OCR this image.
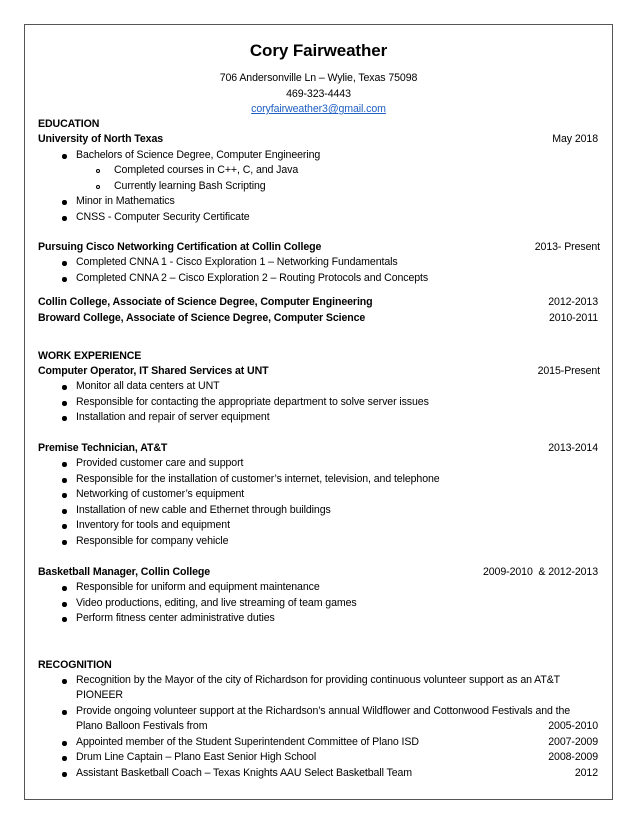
Cory Fairweather
706 Andersonville Ln – Wylie, Texas 75098
469-323-4443
coryfairweather3@gmail.com
EDUCATION
University of North Texas	May 2018
Bachelors of Science Degree, Computer Engineering
Completed courses in C++, C, and Java
Currently learning Bash Scripting
Minor in Mathematics
CNSS - Computer Security Certificate
Pursuing Cisco Networking Certification at Collin College	2013- Present
Completed CNNA 1 - Cisco Exploration 1 – Networking Fundamentals
Completed CNNA 2 – Cisco Exploration 2 – Routing Protocols and Concepts
Collin College, Associate of Science Degree, Computer Engineering	2012-2013
Broward College, Associate of Science Degree, Computer Science	2010-2011
WORK EXPERIENCE
Computer Operator, IT Shared Services at UNT	2015-Present
Monitor all data centers at UNT
Responsible for contacting the appropriate department to solve server issues
Installation and repair of server equipment
Premise Technician, AT&T	2013-2014
Provided customer care and support
Responsible for the installation of customer’s internet, television, and telephone
Networking of customer’s equipment
Installation of new cable and Ethernet through buildings
Inventory for tools and equipment
Responsible for company vehicle
Basketball Manager, Collin College	2009-2010  & 2012-2013
Responsible for uniform and equipment maintenance
Video productions, editing, and live streaming of team games
Perform fitness center administrative duties
RECOGNITION
Recognition by the Mayor of the city of Richardson for providing continuous volunteer support as an AT&T
PIONEER
Provide ongoing volunteer support at the Richardson’s annual Wildflower and Cottonwood Festivals and the
Plano Balloon Festivals from	2005-2010
Appointed member of the Student Superintendent Committee of Plano ISD	2007-2009
Drum Line Captain – Plano East Senior High School	2008-2009
Assistant Basketball Coach – Texas Knights AAU Select Basketball Team	2012
